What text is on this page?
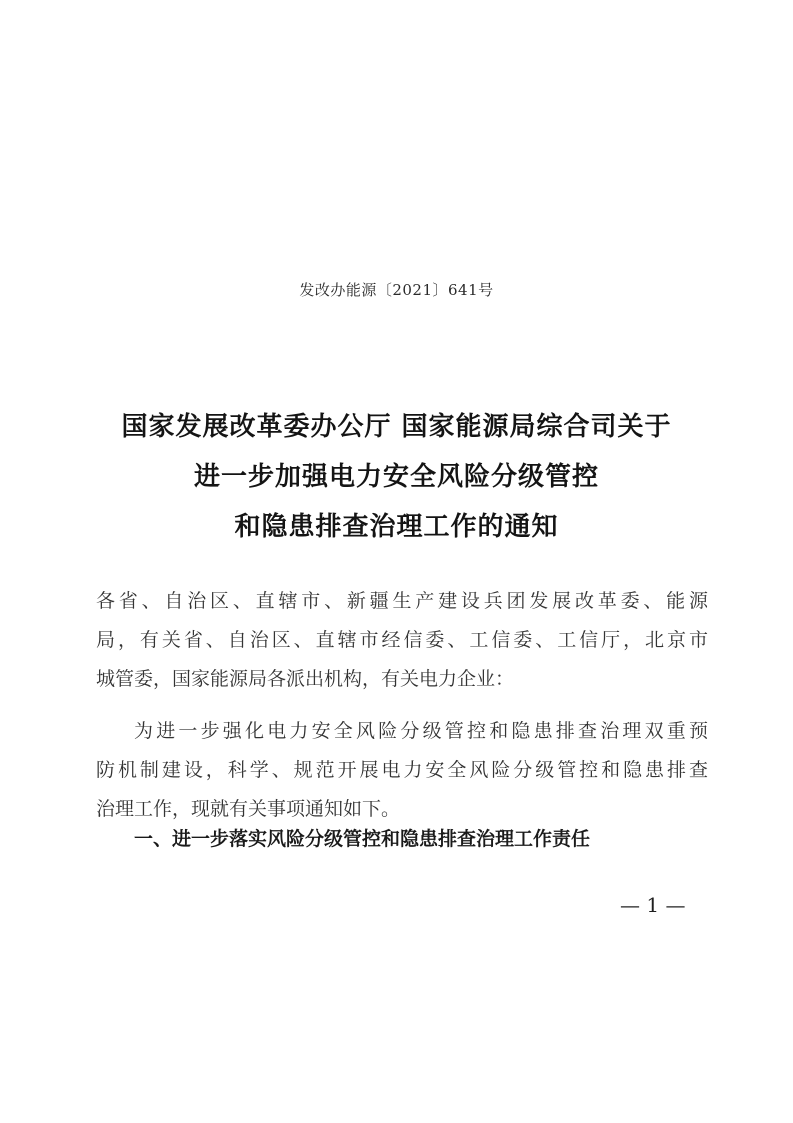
发改办能源〔2021〕641号
国家发展改革委办公厅 国家能源局综合司关于
进一步加强电力安全风险分级管控
和隐患排查治理工作的通知
各省、自治区、直辖市、新疆生产建设兵团发展改革委、能源
局，有关省、自治区、直辖市经信委、工信委、工信厅，北京市
城管委，国家能源局各派出机构，有关电力企业：
为进一步强化电力安全风险分级管控和隐患排查治理双重预
防机制建设，科学、规范开展电力安全风险分级管控和隐患排查
治理工作，现就有关事项通知如下。
一、进一步落实风险分级管控和隐患排查治理工作责任
— 1 —
